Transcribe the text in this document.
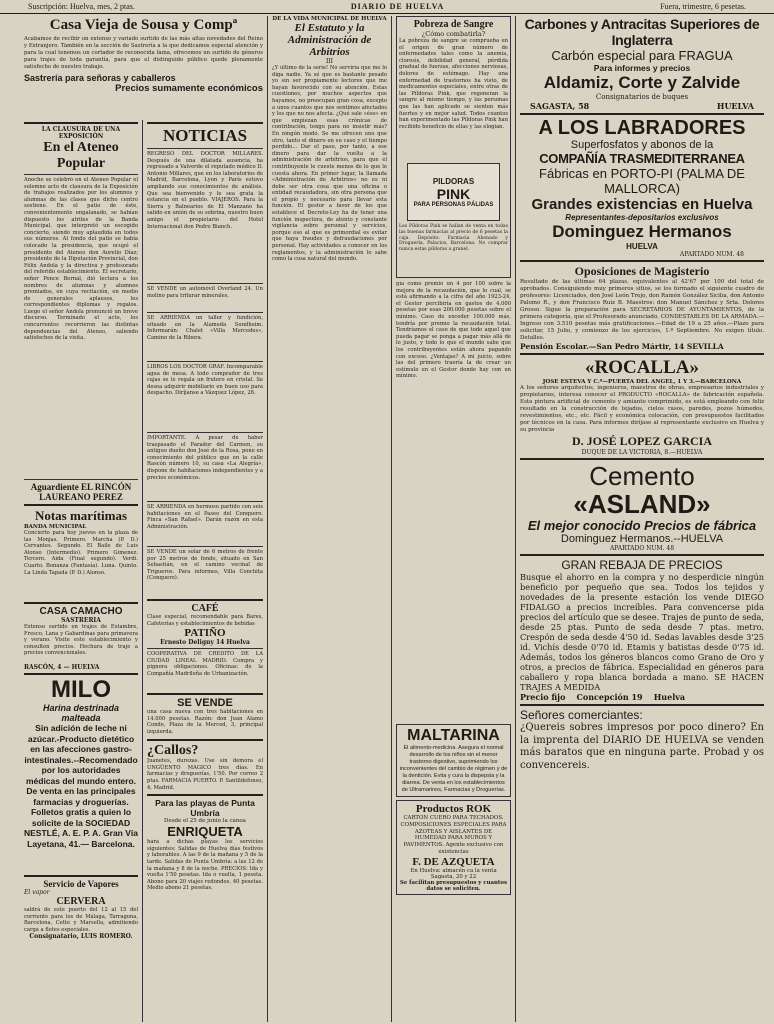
Suscripción: Huelva, mes, 2 ptas.	DIARIO DE HUELVA	Fuera, trimestre, 6 pesetas.
Casa Vieja de Sousa y Compª

Acabamos de recibir un extenso y variado surtido de las más altas novedades del Reino y Extranjero. También en la sección de Sastrería a la que dedicamos especial atención y para la cual tenemos un cortador de reconocida fama, ofrecemos un surtido de géneros para trajes de toda garantía, para que el distinguido público quede plenamente satisfecho de nuestro trabajo.

Sastrería para señoras y caballeros
Precios sumamente económicos
LA CLAUSURA DE UNA EXPOSICIÓN
En el Ateneo Popular

Anoche se celebró en el Ateneo Popular el solemne acto de clausura de la Exposición de trabajos realizados por los alumnos y alumnas de las clases que dicho centro sostiene. En el patio de éste, convenientemente engalanado, se habían dispuesto los atriles de la Banda Municipal, que interpretó un escogido concierto, siendo muy aplaudida en todos sus números. Al fondo del patio se había colocado la presidencia, que ocupó el presidente del Ateneo don Aurelio Díaz; presidente de la Diputación Provincial, don Félix Andola y la directiva y profesorado del referido establecimiento. El secretario, señor Ponce Bernal, dió lectura a los nombres de alumnas y alumnos premiados, en cuya recitación, en medio de generales aplausos, les correspondientes diplomas y regalos. Luego el señor Andola pronunció un breve discurso. Terminado el acto, los concurrentes recorrieron las distintas dependencias del Ateneo, saliendo satisfechos de la visita.

Aguardiente EL RINCÓN
LAUREANO PEREZ
Notas marítimas
BANDA MUNICIPAL

Concierto para hoy jueves en la plaza de las Monjas. Primero. Marcha (P. D.) Cervantes. Segundo. El Baile de Luis Alonso (Intermedio). Primero Gimenez. Tercero. Aida (Final segundo). Verdi. Cuarto. Bonanza (Fantasía). Luna. Quinto. La Linda Tapada (P. D.) Alonso.

CASA CAMACHO
SASTRERIA

Extenso surtido en trajes de Estambre, Fresco, Lana y Gabardinas para primavera y verano. Visite este establecimiento y consulten precios. Hechura de traje a precios convencionales.

RASCÓN, 4 — HUELVA
MILO
Harina destrinada malteada
Sin adición de leche ni azúcar.-Producto dietético en las afecciones gastro-intestinales.--Recomendado por los autoridades médicas del mundo entero. De venta en las principales farmacias y droguerías. Folletos gratis a quien lo solicite de la SOCIEDAD NESTLÉ, A. E. P. A. Gran Vía Layetana, 41.— Barcelona.
Servicio de Vapores
El vapor
CERVERA

saldrá de este puerto del 12 al 15 del corriente para los de Málaga, Tarragona, Barcelona, Cette y Marsella, admitiendo carga a fletes especiales.

Consignatario, LUIS ROMERO.
NOTICIAS

REGRESO DEL DOCTOR MILLARES. Después de una dilatada ausencia, ha regresado a Valverde el reputado médico D. Antonio Millares, que en los laboratorios de Madrid, Barcelona, Lyon y París estuvo ampliando sus conocimientos de análisis. Que sea bienvenido y le sea grata la estancia en el pueblo. VIAJEROS. Para la Sierra y Balnearios de El Manzano ha salido en unión de su sobrina, nuestro buen amigo el propietario del Hotel Internacional don Pedro Bianch.

SE VENDE un automóvil Overland 24. Un molino para triturar minerales.

SE ARRIENDA un taller y fundición, situado en la Alameda Sundheim. Informarán: Chalet «Villa Mercedes», Camino de la Ribera.

LIBROS LOS DOCTOR GRAF. Incomparable agua de mesa. A todo comprador de tres cajas se le regala un frutero en cristal. Se desea adquirir mobiliario en buen uso para despacho. Diríjanse a Vázquez López, 26.

IMPORTANTE. A pesar de haber traspasado el Parador del Carmen, su antiguo dueño don José de la Rosa, pone en conocimiento del público que en la calle Rascón número 10, su casa «La Alegría», dispone de habitaciones independientes y a precios económicos.

SE ARRIENDA en hermoso partido con seis habitaciones en el Paseo del Conquero. Finca «San Rafael». Darán razón en esta Administración.

SE VENDE un solar de 6 metros de frente por 25 metros de fondo, situado en San Sebastián, en el camino vecinal de Trigueros. Para informes, Villa Conchita (Conquero).

CAFÉ

Clase especial, recomendable para Bares, Cafeterías y establecimientos de bebidas

PATIÑO
Ernesto Deligny 14 Huelva

COOPERATIVA DE CREDITO DE LA CIUDAD LINEAL MADRID. Compra y pignora obligaciones. Oficinas: de la Compañía Madrileña de Urbanización.

SE VENDE

una casa nueva con tres habitaciones en 14.000 pesetas. Razón: don Juan Alamo Conde, Plaza de la Merced, 3, principal izquierda.

¿Callos?

Juanetes, durezas. Use sin demora el UNGÜENTO MAGICO tres días. En farmacias y droguerías, 1'50. Por correo 2 ptas. FARMACIA PUERTO. P. Santildefonso, 4, Madrid.

Para las playas de Punta Umbría
Desde el 25 de junio la canoa
ENRIQUETA

hará a dichas playas los servicios siguientes: Salidas de Huelva días festivos y laborables. A las 9 de la mañana y 5 de la tarde. Salidas de Punta Umbría: a las 12 de la mañana y 8 de la noche. PRECIOS: Ida y vuelta 1'50 pesetas. Ida o vuelta, 1 peseta. Abono para 20 viajes redondos, 40 pesetas. Medio abono 21 pesetas.

DE LA VIDA MUNICIPAL DE HUELVA
El Estatuto y la Administración de Arbitrios
III

¿Y último de la serie! No serviría que me lo diga nadie. Ya sé que es bastante pesado yo sin ser propiamente lectores que me hayan favorecido con su atención. Estas cuestiones, por muchos aspectos que hayamos, no preocupan gran cosa, excepto a unos cuantos que nos sentimos afectados y los que no nos afecta. ¿Qué sale «éso» en que empiezan esas crónicas de contribución, tengo para no insistir más? En ningún modo. Se me ofrecen uno que otro, tanto el dinero en su caso y el tiempo perdido... Dar el paso, por tanto, a ese dinero para dar la vuelta a la administración de arbitrios, para que el contribuyente le cueste menos de lo que le cuesta ahora. En primer lugar, la llamada «Administración de Arbitrios» no es ni debe ser otra cosa que una oficina o entidad recaudadora, sin otra persona que el propio y necesario para llevar esta función. El gestor a favor de los que establece el Decreto-Ley ha de tener una función inspectora, de atento y constante vigilancia sobre personal y servicios, porque eso al que es primordial es evitar que haya fraudes y defraudaciones por personal. Hay actividades a conocer en los reglamentos, y la administración lo sabe como la cosa natural del mundo.

Pobreza de Sangre
¿Cómo combatirla?

La pobreza de sangre se comprueba en el origen de gran número de enfermedades tales como la anemia, clorosis, debilidad general, pérdida gradual de fuerzas, afecciones nerviosas, dolores de estómago. Hay una enfermedad de trastornos ha visto, de medicamentos especiales, entre otras de las Píldoras Pink, que regeneran la sangre al mismo tiempo, y las personas que las han aplicado se sienten más fuertes y en mejor salud. Todos cuantos han experimentado las Píldoras Pink han recibido beneficio de ellas y las elogian.

PILDORAS
PINK
PARA PERSONAS PÁLIDAS

Las Píldoras Pink se hallan de venta en todas las buenas farmacias al precio de 6 pesetas la caja. Depósito: Farmacia Abonado y Droguería, Palacios, Barcelona. No comprar nunca estas píldoras a granel.

gía como premio un 4 por 100 sobre la mejora de la recaudación, que lo cual, se está afirmando a la cifra del año 1923-24, el Gestor percibiría en gastos de 4.000 pesetas por esas 200.000 pesetas sobre el mínimo. Caso de exceder 100.000 más, tendría por premio la recaudación total. Tendríamos el caso de que todo aquel que pueda pagar se ponga a pagar más allá de lo justo, y todo lo que el mundo sabe que los contribuyentes están ahora pagando con exceso. ¿Ventajas? A mi juicio, sobre las del primero traería la de crear un estímulo en el Gestor donde hay con un mínimo.

MALTARINA
El alimento-medicina. Asegura el normal desarrollo de los niños sin el menor trastorno digestivo, suprimiendo los inconvenientes del cambio de régimen y de la dentición. Evita y cura la dispepsia y la diarrea. De venta en los establecimientos de Ultramarinos, Farmacias y Droguerías.
Productos ROK
CARTON CUERO PARA TECHADOS. COMPOSICIONES ESPECIALES PARA AZOTEAS Y AISLANTES DE HUMEDAD PARA MUROS Y PAVIMENTOS. Agente exclusivo con existencias
F. DE AZQUETA
En Huelva: almacén ca la venta Sagasta, 20 y 22
Se facilitan presupuestos y cuantos datos se soliciten.
Carbones y Antracitas Superiores de Inglaterra
Carbón especial para FRAGUA
Para informes y precios
Aldamiz, Corte y Zalvide
Consignatarios de buques
SAGASTA, 58	HUELVA
A LOS LABRADORES
Superfosfatos y abonos de la
COMPAÑÍA TRASMEDITERRANEA
Fábricas en PORTO-PI (PALMA DE MALLORCA)
Grandes existencias en Huelva
Representantes-depositarios exclusivos
Dominguez Hermanos
HUELVA
APARTADO NUM. 48
Oposiciones de Magisterio

Resultado de las últimas 64 plazas, equivalentes al 42'67 por 100 del total de aprobados. Consiguiendo muy primeros sitios, se los formado el siguiente cuadro de profesores: Licenciados, don José León Trejo, don Ramón González Sicilia, don Antonio Palomo R., y don Francisco Ruiz B. Maestros: don Manuel Sánchez y Srta. Dolores Grosso. Sigue la preparación para SECRETARIOS DE AYUNTAMIENTOS, de la primera categoría, que el Profesorado anunciado. CONDESTABLES DE LA ARMADA.—Ingreso con 3.510 pesetas más gratificaciones.—Edad de 19 a 25 años.—Plazo para solicitar, 15 Julio, y comienzo de los ejercicios, 1.º Septiembre. No exigen título. Detalles.

Pensión Escolar.—San Pedro Mártir, 14 SEVILLA
«ROCALLA»
JOSE ESTEVA Y C.ª—PUERTA DEL ANGEL, 1 Y 3.—BARCELONA

A los señores arquitectos, ingenieros, maestros de obras, empresarios industriales y propietarios, interesa conocer el PRODUCTO «ROCALLA» de fabricación española. Esta pintura artificial de cemento y amianto comprimido, es está empleando con feliz resultado en la construcción de tejados, cielos rasos, paredes, pozos húmedos, revestimientos, etc., etc. Fácil y económica colocación, con presupuestos facilitados por técnicos en la casa. Para informes diríjase al representante exclusivo en Huelva y su provincia

D. JOSÉ LOPEZ GARCIA
DUQUE DE LA VICTORIA, 8.—HUELVA
Cemento
«ASLAND»
El mejor conocido Precios de fábrica
Dominguez Hermanos.--HUELVA
APARTADO NUM. 48
GRAN REBAJA DE PRECIOS

Busque el ahorro en la compra y no desperdicie ningún beneficio por pequeño que sea. Todos los tejidos y novedades de la presente estación los vende DIEGO FIDALGO a precios increíbles. Para convencerse pida precios del artículo que se desee. Trajes de punto de seda, desde 25 ptas. Punto de seda desde 7 ptas. metro. Crespón de seda desde 4'50 id. Sedas lavables desde 3'25 id. Vichís desde 0'70 id. Etamis y batistas desde 0'75 id. Además, todos los géneros blancos como Grano de Oro y otros, a precios de fábrica. Especialidad en géneros para caballero y ropa blanca bordada a mano. SE HACEN TRAJES A MEDIDA

Precio fijo    Concepción 19    Huelva
Señores comerciantes:

¿Quereis sobres impresos por poco dinero? En la imprenta del DIARIO DE HUELVA se venden más baratos que en ninguna parte. Probad y os convencereis.
